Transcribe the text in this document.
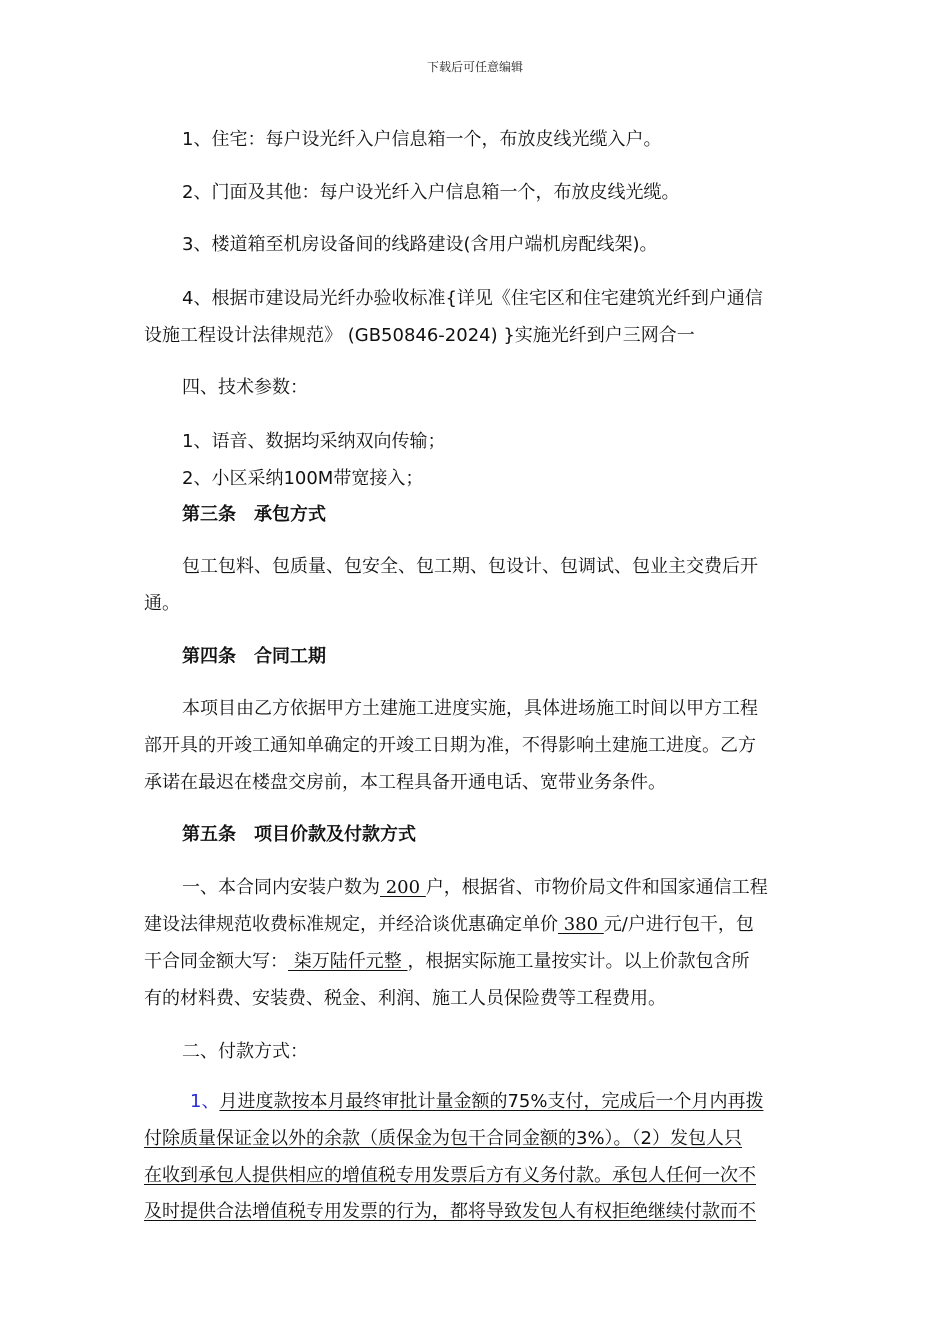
下载后可任意编辑
1、住宅：每户设光纤入户信息箱一个，布放皮线光缆入户。
2、门面及其他：每户设光纤入户信息箱一个，布放皮线光缆。
3、楼道箱至机房设备间的线路建设(含用户端机房配线架)。
4、根据市建设局光纤办验收标准{详见《住宅区和住宅建筑光纤到户通信
设施工程设计法律规范》 (GB50846-2024) }实施光纤到户三网合一
四、技术参数：
1、语音、数据均采纳双向传输；
2、小区采纳100M带宽接入；
第三条　承包方式
包工包料、包质量、包安全、包工期、包设计、包调试、包业主交费后开
通。
第四条　合同工期
本项目由乙方依据甲方土建施工进度实施，具体进场施工时间以甲方工程
部开具的开竣工通知单确定的开竣工日期为准，不得影响土建施工进度。乙方
承诺在最迟在楼盘交房前，本工程具备开通电话、宽带业务条件。
第五条　项目价款及付款方式
一、本合同内安装户数为 200 户，根据省、市物价局文件和国家通信工程
建设法律规范收费标准规定，并经洽谈优惠确定单价 380 元/户进行包干，包
干合同金额大写： 柒万陆仟元整 ，根据实际施工量按实计。以上价款包含所
有的材料费、安装费、税金、利润、施工人员保险费等工程费用。
二、付款方式：
1、月进度款按本月最终审批计量金额的75%支付，完成后一个月内再拨
付除质量保证金以外的余款（质保金为包干合同金额的3%）。（2）发包人只
在收到承包人提供相应的增值税专用发票后方有义务付款。承包人任何一次不
及时提供合法增值税专用发票的行为，都将导致发包人有权拒绝继续付款而不
